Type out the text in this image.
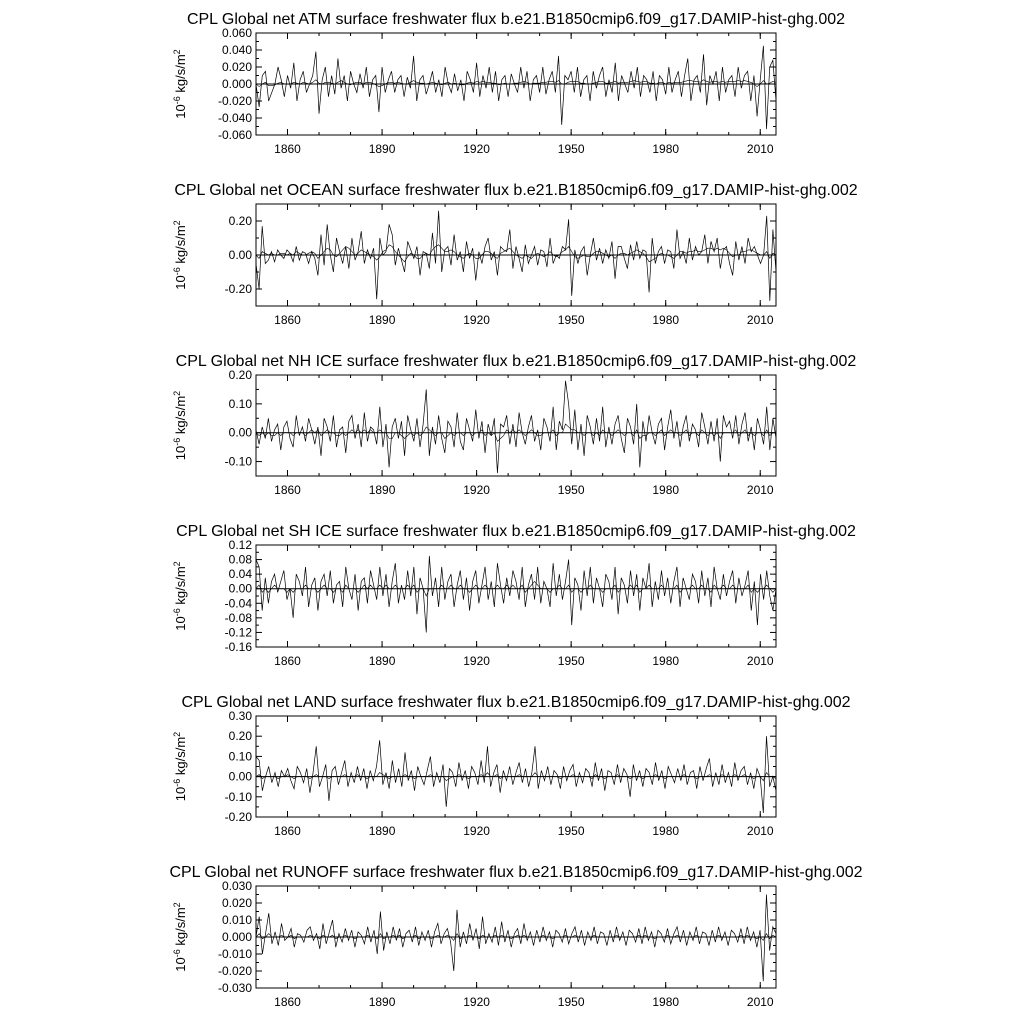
CPL Global net ATM surface freshwater flux b.e21.B1850cmip6.f09_g17.DAMIP-hist-ghg.002
-0.060
-0.040
-0.020
0.000
0.020
0.040
0.060
1860	1890	1920	1950	1980	2010
$10^{-6}$ $kg/s/m^2$
CPL Global net OCEAN surface freshwater flux b.e21.B1850cmip6.f09_g17.DAMIP-hist-ghg.002
-0.20
0.00
0.20
1860	1890	1920	1950	1980	2010
$10^{-6}$ $kg/s/m^2$
CPL Global net NH ICE surface freshwater flux b.e21.B1850cmip6.f09_g17.DAMIP-hist-ghg.002
-0.10
0.00
0.10
0.20
1860	1890	1920	1950	1980	2010
$10^{-6}$ $kg/s/m^2$
CPL Global net SH ICE surface freshwater flux b.e21.B1850cmip6.f09_g17.DAMIP-hist-ghg.002
-0.16
-0.12
-0.08
-0.04
0.00
0.04
0.08
0.12
1860	1890	1920	1950	1980	2010
$10^{-6}$ $kg/s/m^2$
CPL Global net LAND surface freshwater flux b.e21.B1850cmip6.f09_g17.DAMIP-hist-ghg.002
-0.20
-0.10
0.00
0.10
0.20
0.30
1860	1890	1920	1950	1980	2010
$10^{-6}$ $kg/s/m^2$
CPL Global net RUNOFF surface freshwater flux b.e21.B1850cmip6.f09_g17.DAMIP-hist-ghg.002
-0.030
-0.020
-0.010
0.000
0.010
0.020
0.030
1860	1890	1920	1950	1980	2010
$10^{-6}$ $kg/s/m^2$
